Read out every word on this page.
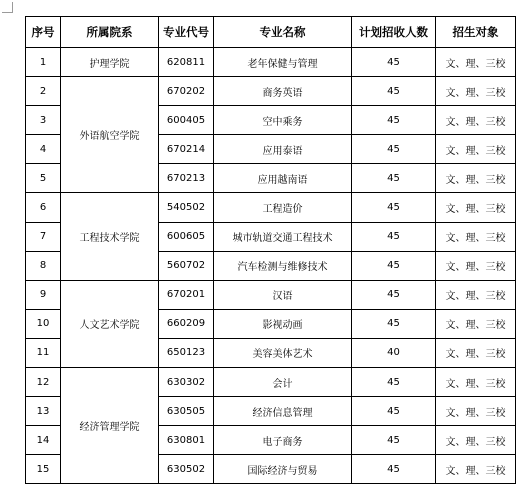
序号	所属院系	专业代号	专业名称	计划招收人数	招生对象
1	护理学院	620811	老年保健与管理	45	文、理、三校
2	外语航空学院	670202	商务英语	45	文、理、三校
3		600405	空中乘务	45	文、理、三校
4		670214	应用泰语	45	文、理、三校
5		670213	应用越南语	45	文、理、三校
6	工程技术学院	540502	工程造价	45	文、理、三校
7		600605	城市轨道交通工程技术	45	文、理、三校
8		560702	汽车检测与维修技术	45	文、理、三校
9	人文艺术学院	670201	汉语	45	文、理、三校
10		660209	影视动画	45	文、理、三校
11		650123	美容美体艺术	40	文、理、三校
12	经济管理学院	630302	会计	45	文、理、三校
13		630505	经济信息管理	45	文、理、三校
14		630801	电子商务	45	文、理、三校
15		630502	国际经济与贸易	45	文、理、三校
